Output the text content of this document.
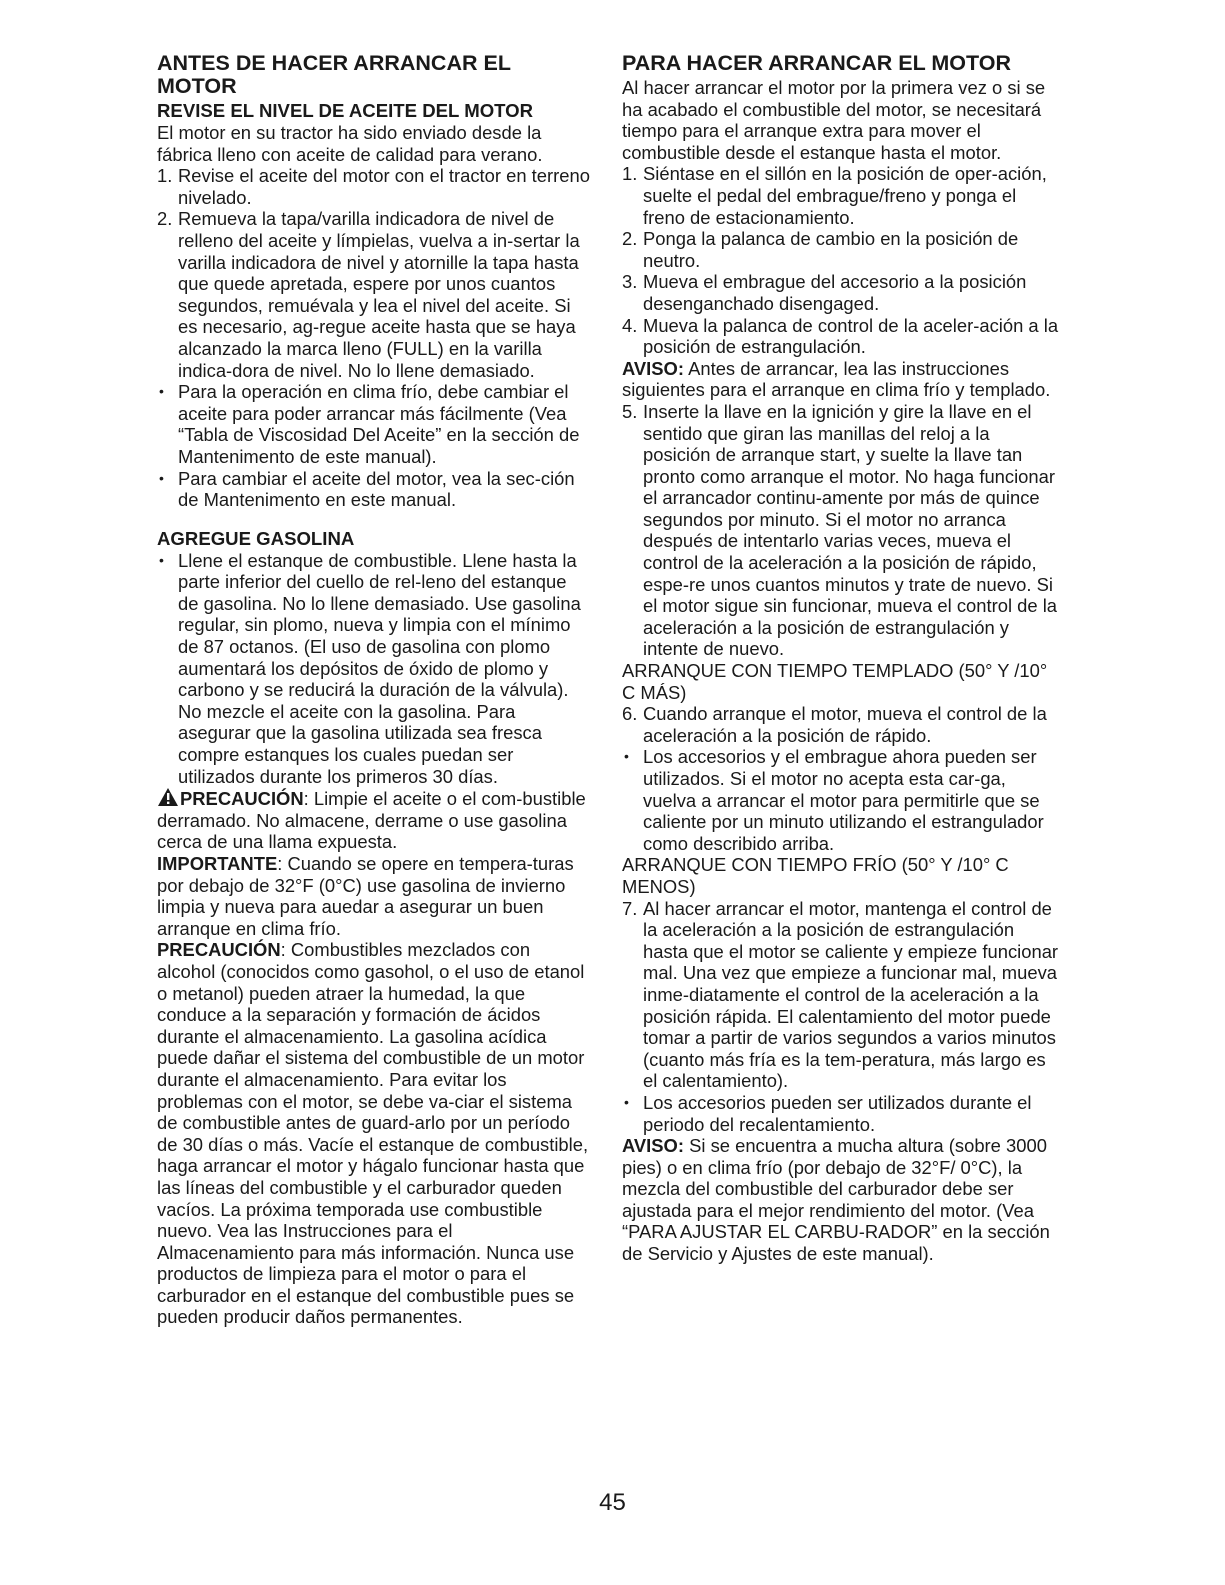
ANTES DE HACER ARRANCAR EL MOTOR
REVISE EL NIVEL DE ACEITE DEL MOTOR

El motor en su tractor ha sido enviado desde la fábrica lleno con aceite de calidad para verano.

1. Revise el aceite del motor con el tractor en terreno nivelado.
2. Remueva la tapa/varilla indicadora de nivel de relleno del aceite y límpielas, vuelva a in-sertar la varilla indicadora de nivel y atornille la tapa hasta que quede apretada, espere por unos cuantos segundos, remuévala y lea el nivel del aceite. Si es necesario, ag-regue aceite hasta que se haya alcanzado la marca lleno (FULL) en la varilla indica-dora de nivel. No lo llene demasiado.
• Para la operación en clima frío, debe cambiar el aceite para poder arrancar más fácilmente (Vea “Tabla de Viscosidad Del Aceite” en la sección de Mantenimento de este manual).
• Para cambiar el aceite del motor, vea la sec-ción de Mantenimento en este manual.
AGREGUE GASOLINA
• Llene el estanque de combustible. Llene hasta la parte inferior del cuello de rel-leno del estanque de gasolina. No lo llene demasiado. Use gasolina regular, sin plomo, nueva y limpia con el mínimo de 87 octanos. (El uso de gasolina con plomo aumentará los depósitos de óxido de plomo y carbono y se reducirá la duración de la válvula). No mezcle el aceite con la gasolina. Para asegurar que la gasolina utilizada sea fresca compre estanques los cuales puedan ser utilizados durante los primeros 30 días.

PRECAUCIÓN: Limpie el aceite o el com-bustible derramado. No almacene, derrame o use gasolina cerca de una llama expuesta.

IMPORTANTE: Cuando se opere en tempera-turas por debajo de 32°F (0°C) use gasolina de invierno limpia y nueva para auedar a asegurar un buen arranque en clima frío.

PRECAUCIÓN: Combustibles mezclados con alcohol (conocidos como gasohol, o el uso de etanol o metanol) pueden atraer la humedad, la que conduce a la separación y formación de ácidos durante el almacenamiento. La gasolina acídica puede dañar el sistema del combustible de un motor durante el almacenamiento. Para evitar los problemas con el motor, se debe va-ciar el sistema de combustible antes de guard-arlo por un período de 30 días o más. Vacíe el estanque de combustible, haga arrancar el motor y hágalo funcionar hasta que las líneas del combustible y el carburador queden vacíos. La próxima temporada use combustible nuevo. Vea las Instrucciones para el Almacenamiento para más información. Nunca use productos de limpieza para el motor o para el carburador en el estanque del combustible pues se pueden producir daños permanentes.

PARA HACER ARRANCAR EL MOTOR

Al hacer arrancar el motor por la primera vez o si se ha acabado el combustible del motor, se necesitará tiempo para el arranque extra para mover el combustible desde el estanque hasta el motor.

1. Siéntase en el sillón en la posición de oper-ación, suelte el pedal del embrague/freno y ponga el freno de estacionamiento.
2. Ponga la palanca de cambio en la posición de neutro.
3. Mueva el embrague del accesorio a la posición desenganchado disengaged.
4. Mueva la palanca de control de la aceler-ación a la posición de estrangulación.

AVISO: Antes de arrancar, lea las instrucciones siguientes para el arranque en clima frío y templado.

5. Inserte la llave en la ignición y gire la llave en el sentido que giran las manillas del reloj a la posición de arranque start, y suelte la llave tan pronto como arranque el motor. No haga funcionar el arrancador continu-amente por más de quince segundos por minuto. Si el motor no arranca después de intentarlo varias veces, mueva el control de la aceleración a la posición de rápido, espe-re unos cuantos minutos y trate de nuevo. Si el motor sigue sin funcionar, mueva el control de la aceleración a la posición de estrangulación y intente de nuevo.

ARRANQUE CON TIEMPO TEMPLADO (50° Y /10° C MÁS)

6. Cuando arranque el motor, mueva el control de la aceleración a la posición de rápido.
• Los accesorios y el embrague ahora pueden ser utilizados. Si el motor no acepta esta car-ga, vuelva a arrancar el motor para permitirle que se caliente por un minuto utilizando el estrangulador como describido arriba.

ARRANQUE CON TIEMPO FRÍO (50° Y /10° C MENOS)

7. Al hacer arrancar el motor, mantenga el control de la aceleración a la posición de estrangulación hasta que el motor se caliente y empieze funcionar mal. Una vez que empieze a funcionar mal, mueva inme-diatamente el control de la aceleración a la posición rápida. El calentamiento del motor puede tomar a partir de varios segundos a varios minutos (cuanto más fría es la tem-peratura, más largo es el calentamiento).
• Los accesorios pueden ser utilizados durante el periodo del recalentamiento.

AVISO: Si se encuentra a mucha altura (sobre 3000 pies) o en clima frío (por debajo de 32°F/ 0°C), la mezcla del combustible del carburador debe ser ajustada para el mejor rendimiento del motor. (Vea “PARA AJUSTAR EL CARBU-RADOR” en la sección de Servicio y Ajustes de este manual).

45
